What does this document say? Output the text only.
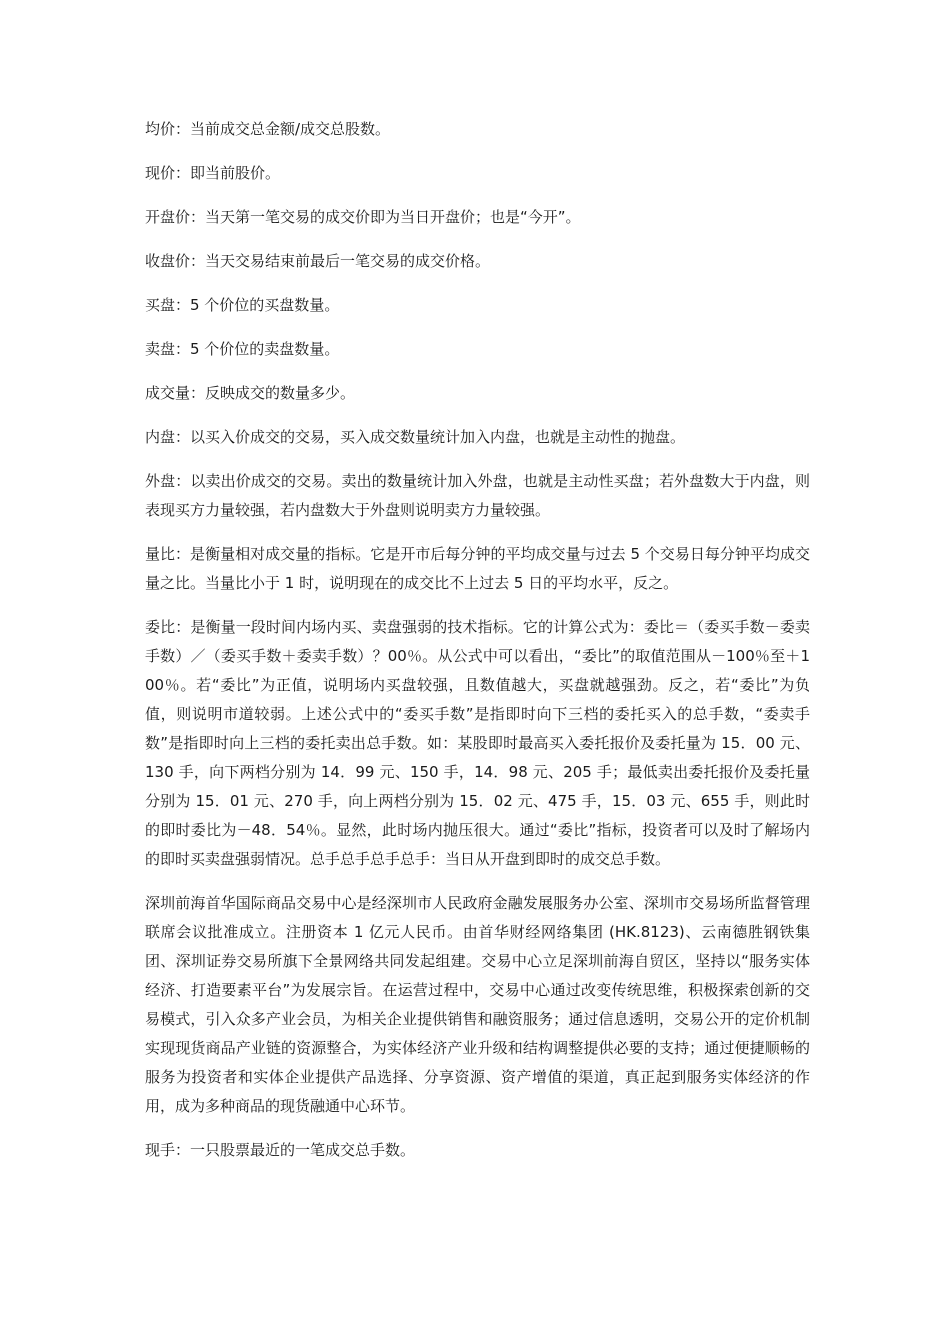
均价：当前成交总金额/成交总股数。

现价：即当前股价。

开盘价：当天第一笔交易的成交价即为当日开盘价；也是“今开”。

收盘价：当天交易结束前最后一笔交易的成交价格。

买盘：5 个价位的买盘数量。

卖盘：5 个价位的卖盘数量。

成交量：反映成交的数量多少。

内盘：以买入价成交的交易，买入成交数量统计加入内盘，也就是主动性的抛盘。

外盘：以卖出价成交的交易。卖出的数量统计加入外盘，也就是主动性买盘；若外盘数大于内盘，则表现买方力量较强，若内盘数大于外盘则说明卖方力量较强。

量比：是衡量相对成交量的指标。它是开市后每分钟的平均成交量与过去 5 个交易日每分钟平均成交量之比。当量比小于 1 时，说明现在的成交比不上过去 5 日的平均水平，反之。

委比：是衡量一段时间内场内买、卖盘强弱的技术指标。它的计算公式为：委比＝（委买手数－委卖手数）／（委买手数＋委卖手数）？00％。从公式中可以看出，“委比”的取值范围从－100％至＋100％。若“委比”为正值，说明场内买盘较强，且数值越大，买盘就越强劲。反之，若“委比”为负值，则说明市道较弱。上述公式中的“委买手数”是指即时向下三档的委托买入的总手数，“委卖手数”是指即时向上三档的委托卖出总手数。如：某股即时最高买入委托报价及委托量为 15．00 元、130 手，向下两档分别为 14．99 元、150 手，14．98 元、205 手；最低卖出委托报价及委托量分别为 15．01 元、270 手，向上两档分别为 15．02 元、475 手，15．03 元、655 手，则此时的即时委比为－48．54％。显然，此时场内抛压很大。通过“委比”指标，投资者可以及时了解场内的即时买卖盘强弱情况。总手总手总手总手：当日从开盘到即时的成交总手数。

深圳前海首华国际商品交易中心是经深圳市人民政府金融发展服务办公室、深圳市交易场所监督管理联席会议批准成立。注册资本 1 亿元人民币。由首华财经网络集团 (HK.8123)、云南德胜钢铁集团、深圳证券交易所旗下全景网络共同发起组建。交易中心立足深圳前海自贸区，坚持以“服务实体经济、打造要素平台”为发展宗旨。在运营过程中，交易中心通过改变传统思维，积极探索创新的交易模式，引入众多产业会员，为相关企业提供销售和融资服务；通过信息透明，交易公开的定价机制实现现货商品产业链的资源整合，为实体经济产业升级和结构调整提供必要的支持；通过便捷顺畅的服务为投资者和实体企业提供产品选择、分享资源、资产增值的渠道，真正起到服务实体经济的作用，成为多种商品的现货融通中心环节。

现手：一只股票最近的一笔成交总手数。
